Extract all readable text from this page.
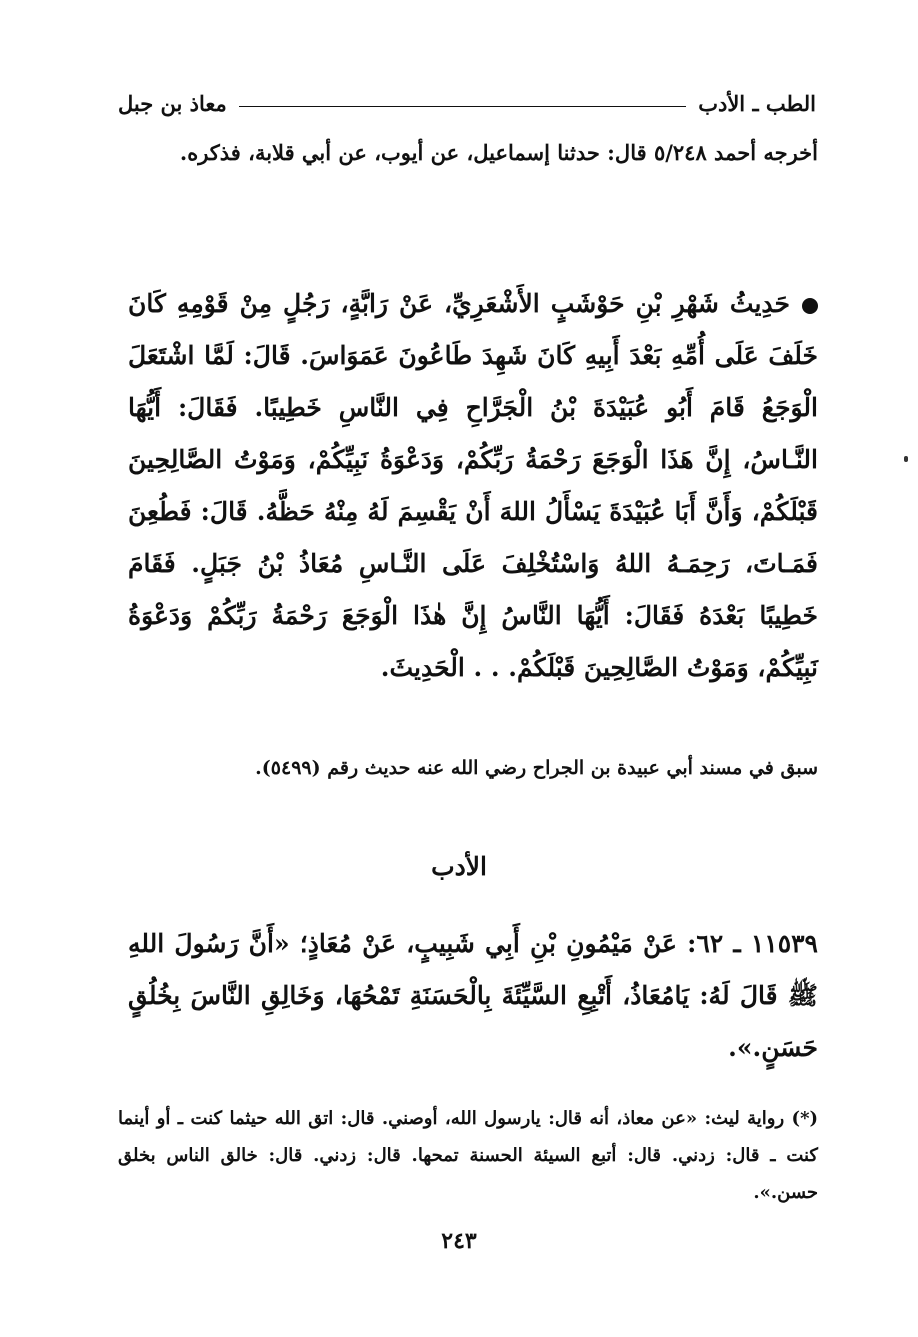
الطب ـ الأدب
معاذ بن جبل
أخرجه أحمد ٥/٢٤٨ قال: حدثنا إسماعيل، عن أيوب، عن أبي قلابة، فذكره.
حَدِيثُ شَهْرِ بْنِ حَوْشَبٍ الأَشْعَرِيِّ، عَنْ رَابَّةٍ، رَجُلٍ مِنْ قَوْمِهِ كَانَ خَلَفَ عَلَى أُمِّهِ بَعْدَ أَبِيهِ كَانَ شَهِدَ طَاعُونَ عَمَوَاسَ. قَالَ: لَمَّا اشْتَعَلَ الْوَجَعُ قَامَ أَبُو عُبَيْدَةَ بْنُ الْجَرَّاحِ فِي النَّاسِ خَطِيبًا. فَقَالَ: أَيُّهَا النَّـاسُ، إِنَّ هَذَا الْوَجَعَ رَحْمَةُ رَبِّكُمْ، وَدَعْوَةُ نَبِيِّكُمْ، وَمَوْتُ الصَّالِحِينَ قَبْلَكُمْ، وَأَنَّ أَبَا عُبَيْدَةَ يَسْأَلُ اللهَ أَنْ يَقْسِمَ لَهُ مِنْهُ حَظَّهُ. قَالَ: فَطُعِنَ فَمَـاتَ، رَحِمَـهُ اللهُ وَاسْتُخْلِفَ عَلَى النَّـاسِ مُعَاذُ بْنُ جَبَلٍ. فَقَامَ خَطِيبًا بَعْدَهُ فَقَالَ: أَيُّهَا النَّاسُ إِنَّ هٰذَا الْوَجَعَ رَحْمَةُ رَبِّكُمْ وَدَعْوَةُ نَبِيِّكُمْ، وَمَوْتُ الصَّالِحِينَ قَبْلَكُمْ. . . الْحَدِيثَ.
سبق في مسند أبي عبيدة بن الجراح رضي الله عنه حديث رقم (٥٤٩٩).
الأدب
١١٥٣٩ ـ ٦٢: عَنْ مَيْمُونِ بْنِ أَبِي شَبِيبٍ، عَنْ مُعَاذٍ؛ «أَنَّ رَسُولَ اللهِ ﷺ قَالَ لَهُ: يَامُعَاذُ، أَتْبِعِ السَّيِّئَةَ بِالْحَسَنَةِ تَمْحُهَا، وَخَالِقِ النَّاسَ بِخُلُقٍ حَسَنٍ.».
(*) رواية ليث: «عن معاذ، أنه قال: يارسول الله، أوصني. قال: اتق الله حيثما كنت ـ أو أينما كنت ـ قال: زدني. قال: أتبع السيئة الحسنة تمحها. قال: زدني. قال: خالق الناس بخلق حسن.».
٢٤٣
